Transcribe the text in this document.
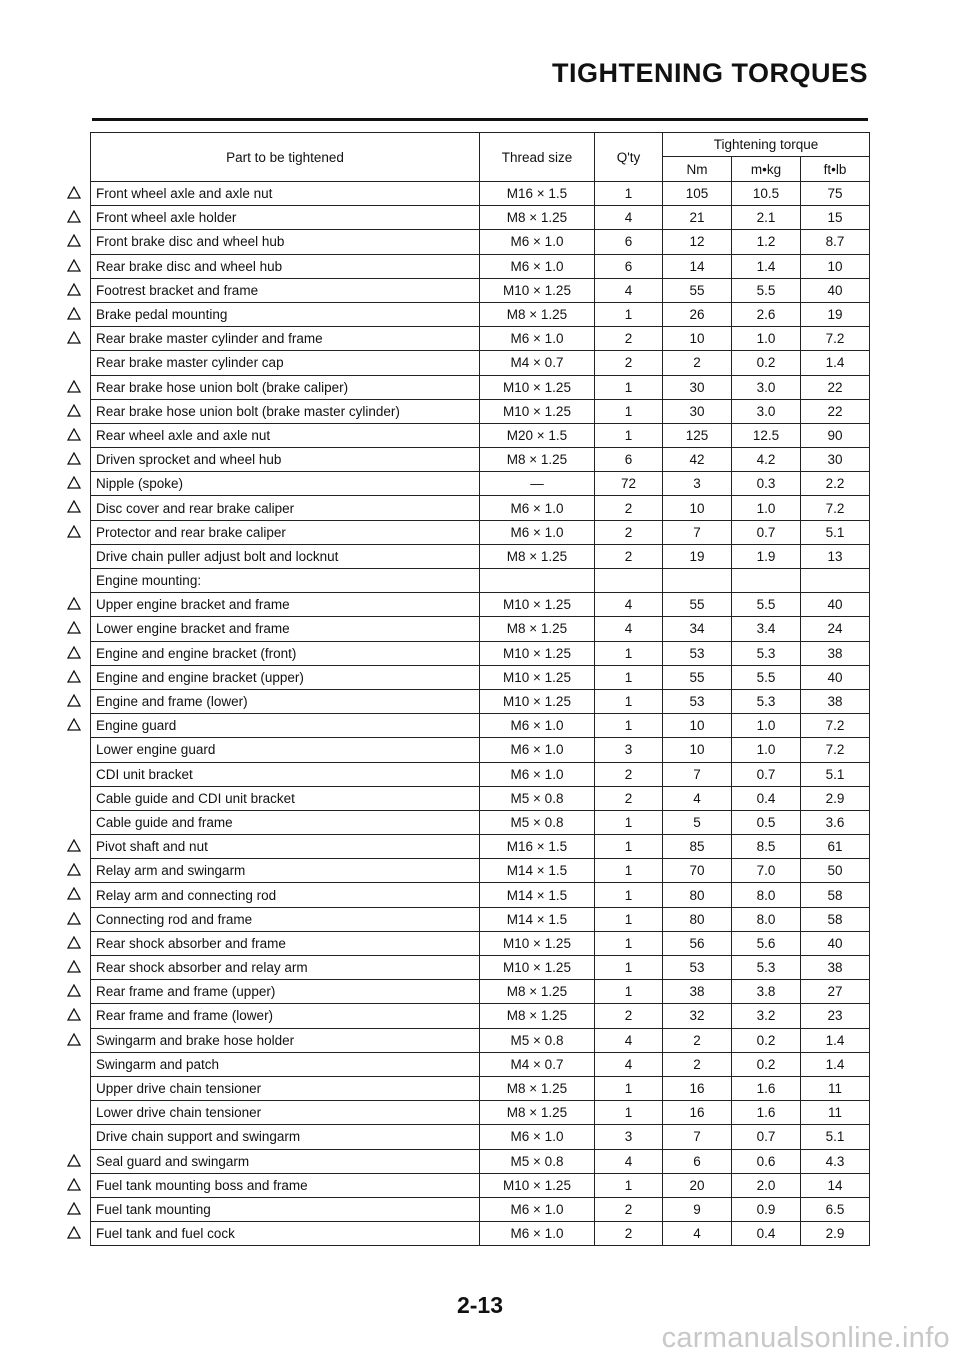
TIGHTENING TORQUES
Part to be tightened	Thread size	Q'ty	Tightening torque		
			Nm	m•kg	ft•lb

Front wheel axle and axle nut	M16 × 1.5	1	105	10.5	75

Front wheel axle holder	M8 × 1.25	4	21	2.1	15

Front brake disc and wheel hub	M6 × 1.0	6	12	1.2	8.7

Rear brake disc and wheel hub	M6 × 1.0	6	14	1.4	10

Footrest bracket and frame	M10 × 1.25	4	55	5.5	40

Brake pedal mounting	M8 × 1.25	1	26	2.6	19

Rear brake master cylinder and frame	M6 × 1.0	2	10	1.0	7.2
Rear brake master cylinder cap	M4 × 0.7	2	2	0.2	1.4

Rear brake hose union bolt (brake caliper)	M10 × 1.25	1	30	3.0	22

Rear brake hose union bolt (brake master cylinder)	M10 × 1.25	1	30	3.0	22

Rear wheel axle and axle nut	M20 × 1.5	1	125	12.5	90

Driven sprocket and wheel hub	M8 × 1.25	6	42	4.2	30

Nipple (spoke)	—	72	3	0.3	2.2

Disc cover and rear brake caliper	M6 × 1.0	2	10	1.0	7.2

Protector and rear brake caliper	M6 × 1.0	2	7	0.7	5.1
Drive chain puller adjust bolt and locknut	M8 × 1.25	2	19	1.9	13
Engine mounting:					

Upper engine bracket and frame	M10 × 1.25	4	55	5.5	40

Lower engine bracket and frame	M8 × 1.25	4	34	3.4	24

Engine and engine bracket (front)	M10 × 1.25	1	53	5.3	38

Engine and engine bracket (upper)	M10 × 1.25	1	55	5.5	40

Engine and frame (lower)	M10 × 1.25	1	53	5.3	38

Engine guard	M6 × 1.0	1	10	1.0	7.2
Lower engine guard	M6 × 1.0	3	10	1.0	7.2
CDI unit bracket	M6 × 1.0	2	7	0.7	5.1
Cable guide and CDI unit bracket	M5 × 0.8	2	4	0.4	2.9
Cable guide and frame	M5 × 0.8	1	5	0.5	3.6

Pivot shaft and nut	M16 × 1.5	1	85	8.5	61

Relay arm and swingarm	M14 × 1.5	1	70	7.0	50

Relay arm and connecting rod	M14 × 1.5	1	80	8.0	58

Connecting rod and frame	M14 × 1.5	1	80	8.0	58

Rear shock absorber and frame	M10 × 1.25	1	56	5.6	40

Rear shock absorber and relay arm	M10 × 1.25	1	53	5.3	38

Rear frame and frame (upper)	M8 × 1.25	1	38	3.8	27

Rear frame and frame (lower)	M8 × 1.25	2	32	3.2	23

Swingarm and brake hose holder	M5 × 0.8	4	2	0.2	1.4
Swingarm and patch	M4 × 0.7	4	2	0.2	1.4
Upper drive chain tensioner	M8 × 1.25	1	16	1.6	11
Lower drive chain tensioner	M8 × 1.25	1	16	1.6	11
Drive chain support and swingarm	M6 × 1.0	3	7	0.7	5.1

Seal guard and swingarm	M5 × 0.8	4	6	0.6	4.3

Fuel tank mounting boss and frame	M10 × 1.25	1	20	2.0	14

Fuel tank mounting	M6 × 1.0	2	9	0.9	6.5

Fuel tank and fuel cock	M6 × 1.0	2	4	0.4	2.9

2-13

carmanualsonline.info
